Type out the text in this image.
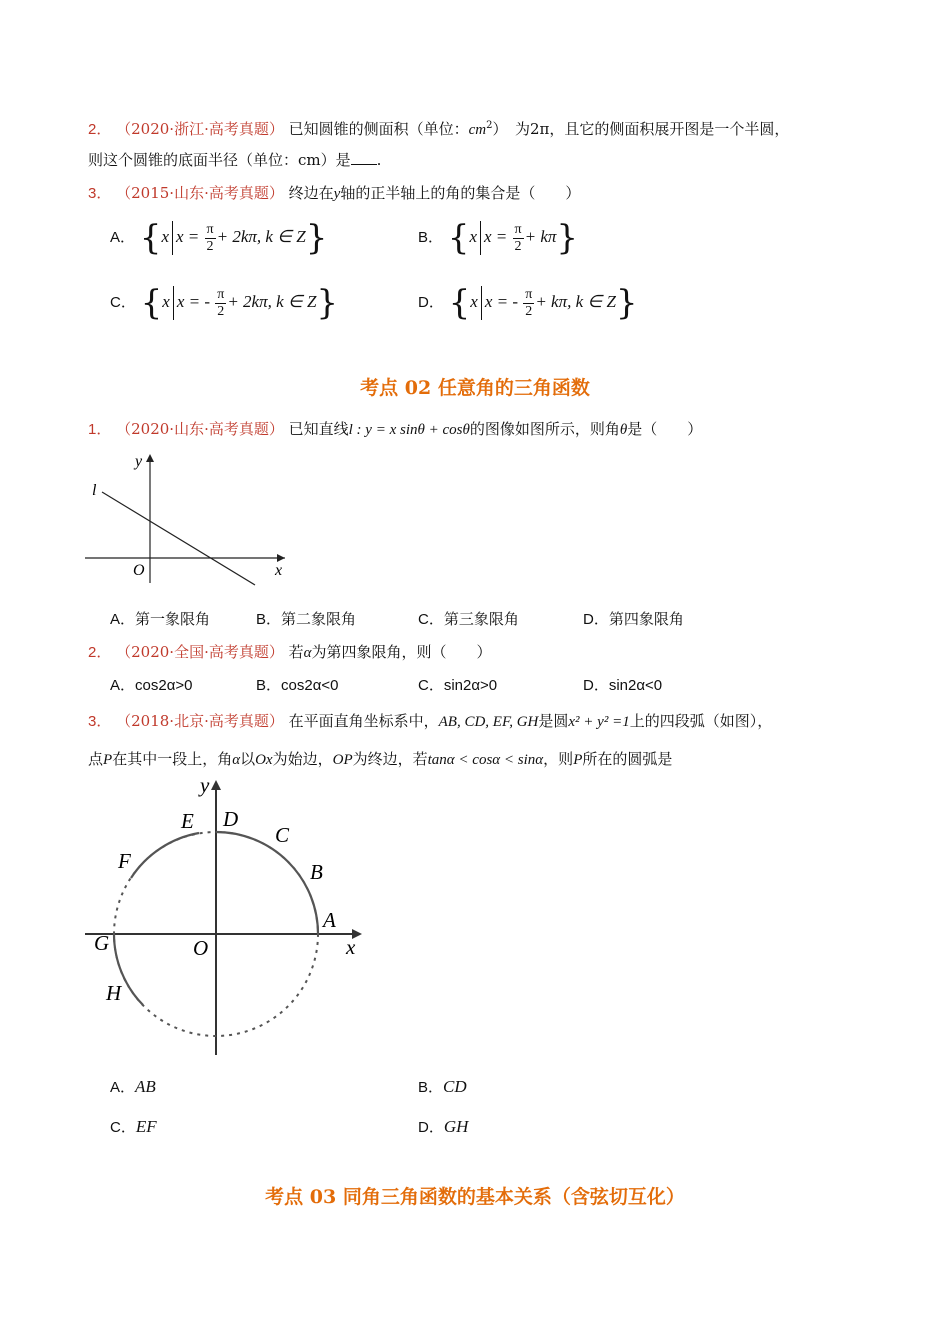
2． （2020·浙江·高考真题） 已知圆锥的侧面积（单位：$cm^2$）　为2π，且它的侧面积展开图是一个半圆，
则这个圆锥的底面半径（单位：cm）是 .
3． （2015·山东·高考真题） 终边在y轴的正半轴上的角的集合是（　　）
A． {x $x = \frac{\pi}{2} + 2k\pi$, k ∈ Z}	B． {x $x = \frac{\pi}{2} + k\pi$}
C． {x x = - $\frac{\pi}{2} + 2k\pi$, k ∈ Z}	D． {x x = - $\frac{\pi}{2} + k\pi$, k ∈ Z}
考点 02 任意角的三角函数
1． （2020·山东·高考真题） 已知直线l : y = x sinθ + cosθ的图像如图所示，则角θ是（　　）
y
l
O	x
A．第一象限角	B．第二象限角	C．第三象限角	D．第四象限角
2． （2020·全国·高考真题） 若α为第四象限角，则（　　）
A．cos2α>0	B．cos2α<0	C．sin2α>0	D．sin2α<0
3． （2018·北京·高考真题） 在平面直角坐标系中，AB, CD, EF, GH是圆x² + y² =1上的四段弧（如图），
点P在其中一段上，角α以Ox为始边，OP为终边，若tanα < cosα < sinα，则P所在的圆弧是
y
x
O
A
B
C
D
E
F
G
H
A．AB	B．CD
C．EF	D．GH
考点 03 同角三角函数的基本关系（含弦切互化）
